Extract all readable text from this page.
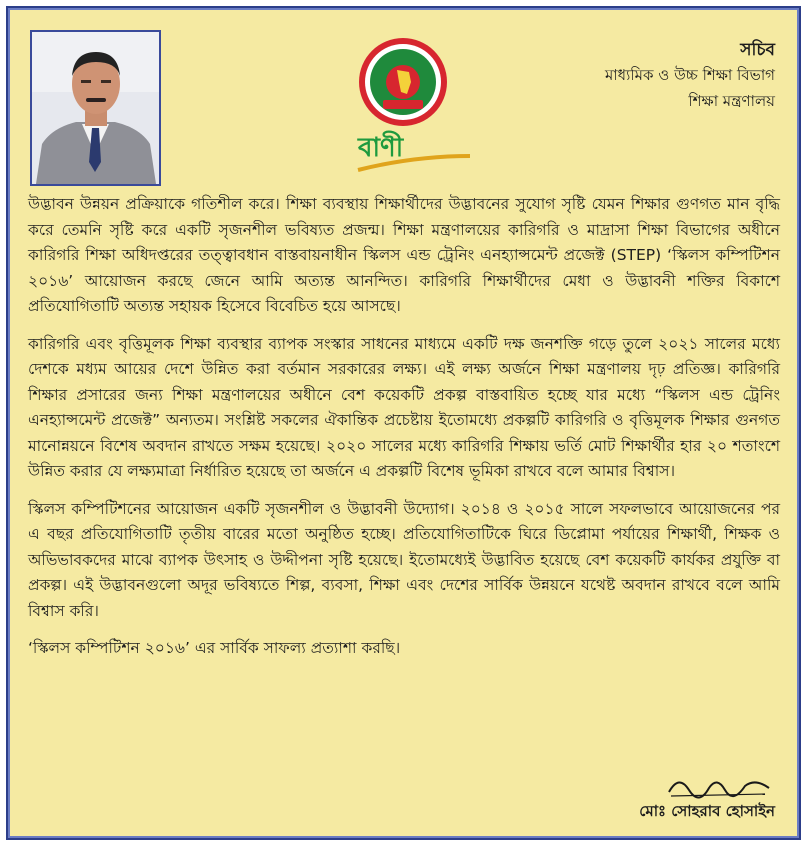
বাণী
সচিব
মাধ্যমিক ও উচ্চ শিক্ষা বিভাগ
শিক্ষা মন্ত্রণালয়

উদ্ভাবন উন্নয়ন প্রক্রিয়াকে গতিশীল করে। শিক্ষা ব্যবস্থায় শিক্ষার্থীদের উদ্ভাবনের সুযোগ সৃষ্টি যেমন শিক্ষার গুণগত মান বৃদ্ধি করে তেমনি সৃষ্টি করে একটি সৃজনশীল ভবিষ্যত প্রজন্ম। শিক্ষা মন্ত্রণালয়ের কারিগরি ও মাদ্রাসা শিক্ষা বিভাগের অধীনে কারিগরি শিক্ষা অধিদপ্তরের তত্ত্বাবধান বাস্তবায়নাধীন স্কিলস এন্ড ট্রেনিং এনহ্যান্সমেন্ট প্রজেক্ট (STEP) ‘স্কিলস কম্পিটিশন ২০১৬’ আয়োজন করছে জেনে আমি অত্যন্ত আনন্দিত। কারিগরি শিক্ষার্থীদের মেধা ও উদ্ভাবনী শক্তির বিকাশে প্রতিযোগিতাটি অত্যন্ত সহায়ক হিসেবে বিবেচিত হয়ে আসছে।

কারিগরি এবং বৃত্তিমূলক শিক্ষা ব্যবস্থার ব্যাপক সংস্কার সাধনের মাধ্যমে একটি দক্ষ জনশক্তি গড়ে তুলে ২০২১ সালের মধ্যে দেশকে মধ্যম আয়ের দেশে উন্নিত করা বর্তমান সরকারের লক্ষ্য। এই লক্ষ্য অর্জনে শিক্ষা মন্ত্রণালয় দৃঢ় প্রতিজ্ঞ। কারিগরি শিক্ষার প্রসারের জন্য শিক্ষা মন্ত্রণালয়ের অধীনে বেশ কয়েকটি প্রকল্প বাস্তবায়িত হচ্ছে যার মধ্যে “স্কিলস এন্ড ট্রেনিং এনহ্যান্সমেন্ট প্রজেক্ট” অন্যতম। সংশ্লিষ্ট সকলের ঐকান্তিক প্রচেষ্টায় ইতোমধ্যে প্রকল্পটি কারিগরি ও বৃত্তিমূলক শিক্ষার গুনগত মানোন্নয়নে বিশেষ অবদান রাখতে সক্ষম হয়েছে। ২০২০ সালের মধ্যে কারিগরি শিক্ষায় ভর্তি মোট শিক্ষার্থীর হার ২০ শতাংশে উন্নিত করার যে লক্ষ্যমাত্রা নির্ধারিত হয়েছে তা অর্জনে এ প্রকল্পটি বিশেষ ভূমিকা রাখবে বলে আমার বিশ্বাস।

স্কিলস কম্পিটিশনের আয়োজন একটি সৃজনশীল ও উদ্ভাবনী উদ্যোগ। ২০১৪ ও ২০১৫ সালে সফলভাবে আয়োজনের পর এ বছর প্রতিযোগিতাটি তৃতীয় বারের মতো অনুষ্ঠিত হচ্ছে। প্রতিযোগিতাটিকে ঘিরে ডিপ্লোমা পর্যায়ের শিক্ষার্থী, শিক্ষক ও অভিভাবকদের মাঝে ব্যাপক উৎসাহ ও উদ্দীপনা সৃষ্টি হয়েছে। ইতোমধ্যেই উদ্ভাবিত হয়েছে বেশ কয়েকটি কার্যকর প্রযুক্তি বা প্রকল্প। এই উদ্ভাবনগুলো অদূর ভবিষ্যতে শিল্প, ব্যবসা, শিক্ষা এবং দেশের সার্বিক উন্নয়নে যথেষ্ট অবদান রাখবে বলে আমি বিশ্বাস করি।

‘স্কিলস কম্পিটিশন ২০১৬’ এর সার্বিক সাফল্য প্রত্যাশা করছি।

মোঃ সোহরাব হোসাইন
